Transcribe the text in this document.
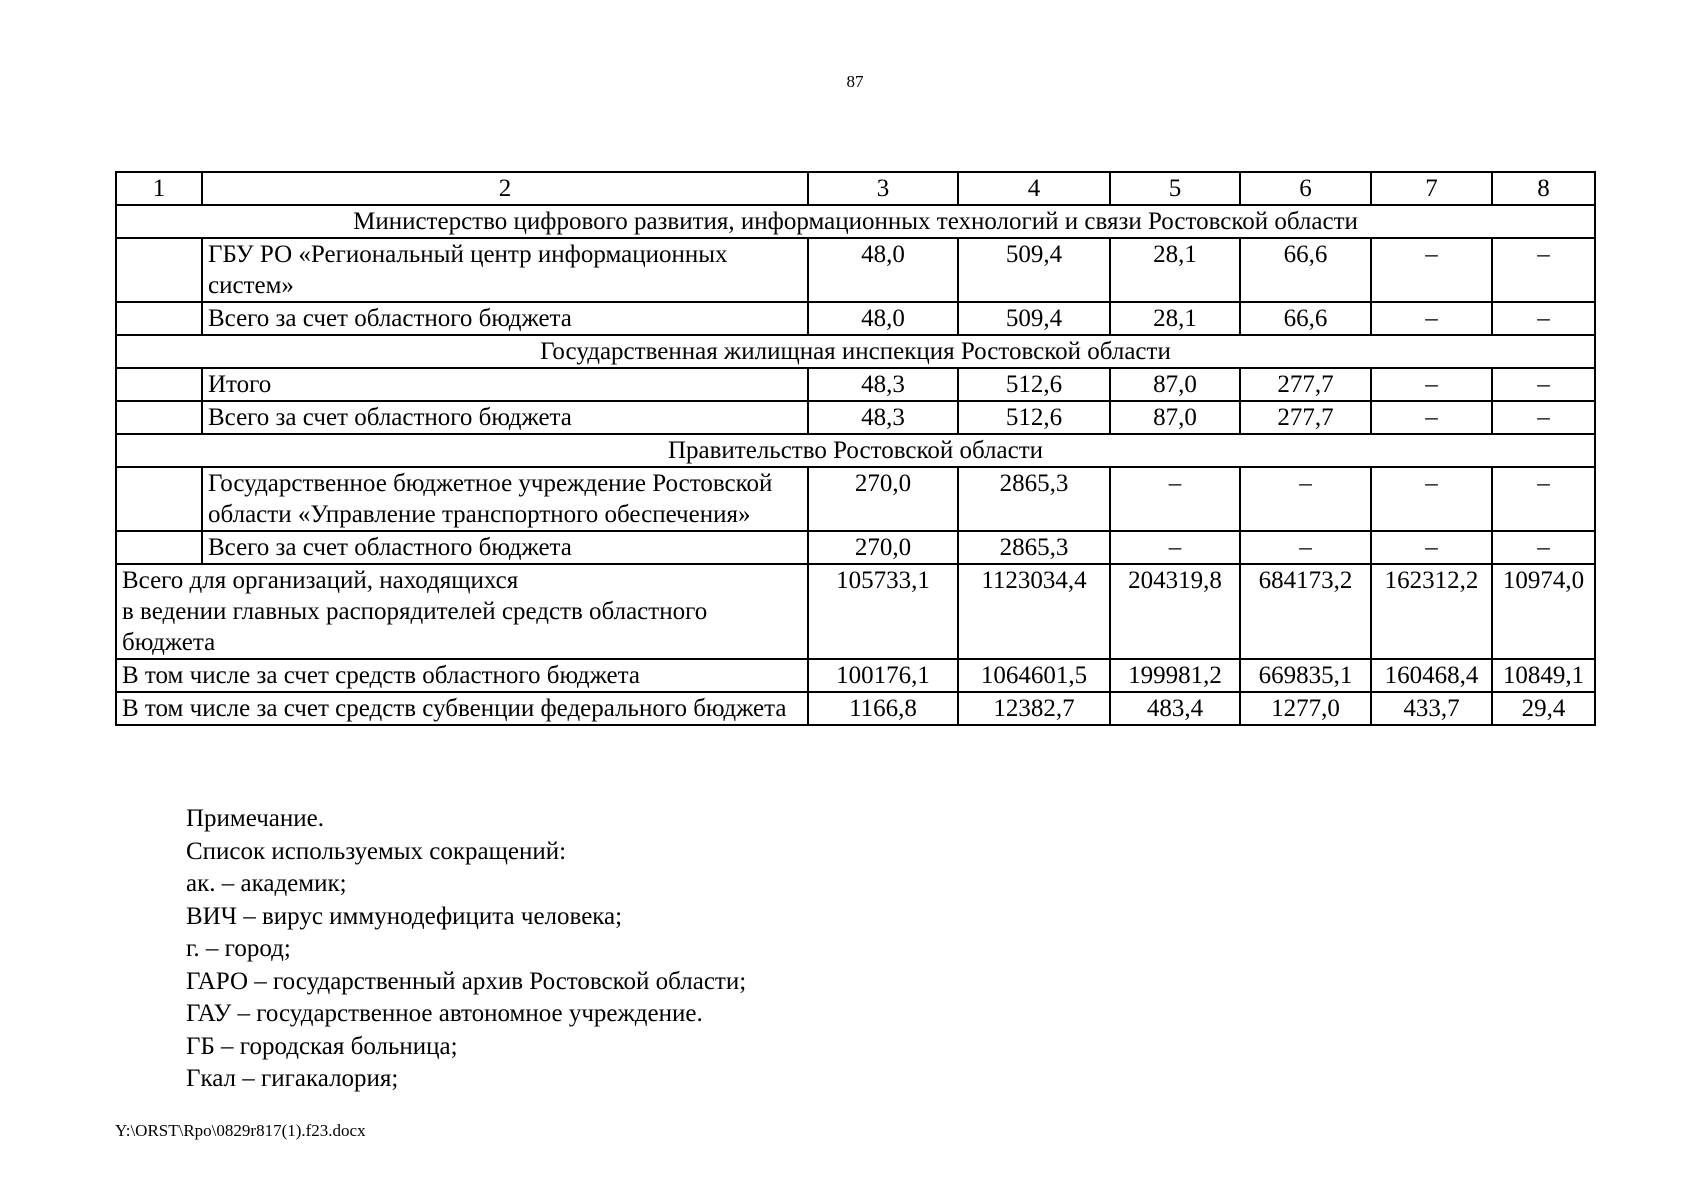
87
1	2	3	4	5	6	7	8
Министерство цифрового развития, информационных технологий и связи Ростовской области							
	ГБУ РО «Региональный центр информационных систем»	48,0	509,4	28,1	66,6	–	–
	Всего за счет областного бюджета	48,0	509,4	28,1	66,6	–	–
Государственная жилищная инспекция Ростовской области							
	Итого	48,3	512,6	87,0	277,7	–	–
	Всего за счет областного бюджета	48,3	512,6	87,0	277,7	–	–
Правительство Ростовской области							
	Государственное бюджетное учреждение Ростовской области «Управление транспортного обеспечения»	270,0	2865,3	–	–	–	–
	Всего за счет областного бюджета	270,0	2865,3	–	–	–	–

Всего для организаций, находящихся
в ведении главных распорядителей средств областного бюджета		105733,1	1123034,4	204319,8	684173,2	162312,2	10974,0

В том числе за счет средств областного бюджета		100176,1	1064601,5	199981,2	669835,1	160468,4	10849,1

В том числе за счет средств субвенции федерального бюджета		1166,8	12382,7	483,4	1277,0	433,7	29,4
Примечание.
Список используемых сокращений:
ак. – академик;
ВИЧ – вирус иммунодефицита человека;
г. – город;
ГАРО – государственный архив Ростовской области;
ГАУ – государственное автономное учреждение.
ГБ – городская больница;
Гкал – гигакалория;
Y:\ORST\Rpo\0829r817(1).f23.docx
